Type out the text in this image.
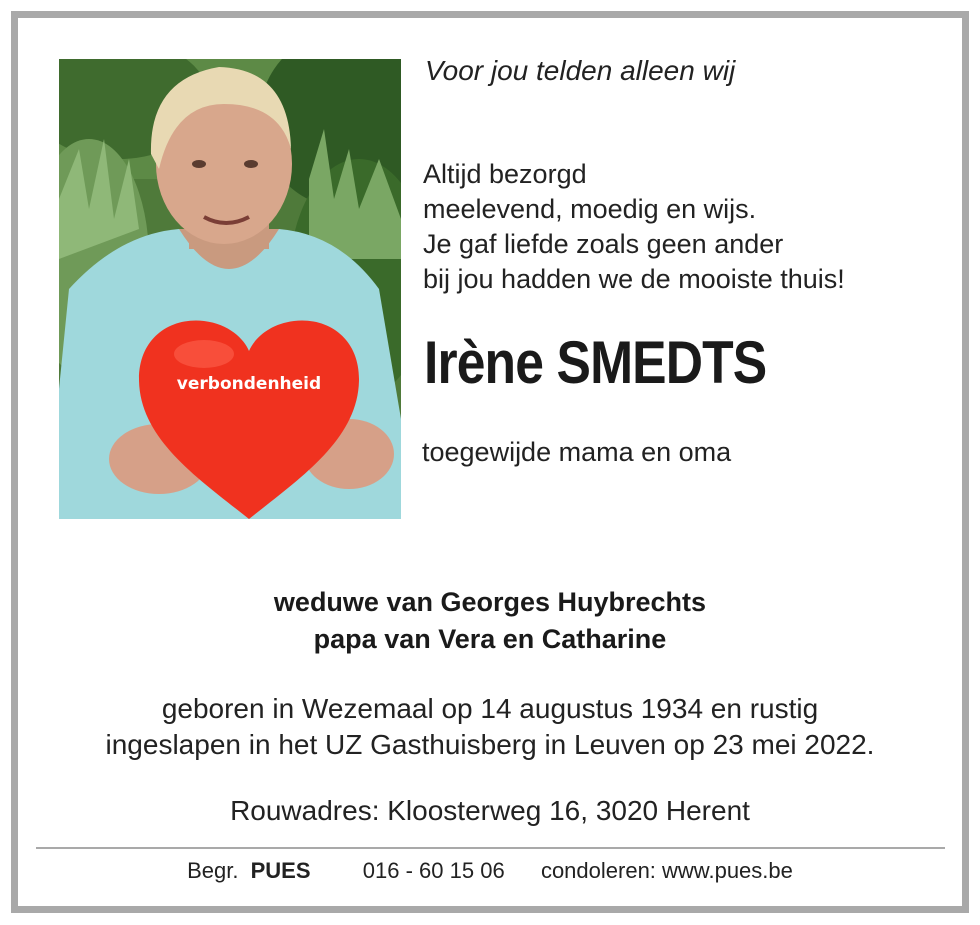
verbondenheid
Voor jou telden alleen wij
Altijd bezorgd
meelevend, moedig en wijs.
Je gaf liefde zoals geen ander
bij jou hadden we de mooiste thuis!
Irène SMEDTS
toegewijde mama en oma
weduwe van Georges Huybrechts
papa van Vera en Catharine
geboren in Wezemaal op 14 augustus 1934 en rustig
ingeslapen in het UZ Gasthuisberg in Leuven op 23 mei 2022.
Rouwadres: Kloosterweg 16, 3020 Herent
Begr. PUES 016 - 60 15 06 condoleren: www.pues.be
